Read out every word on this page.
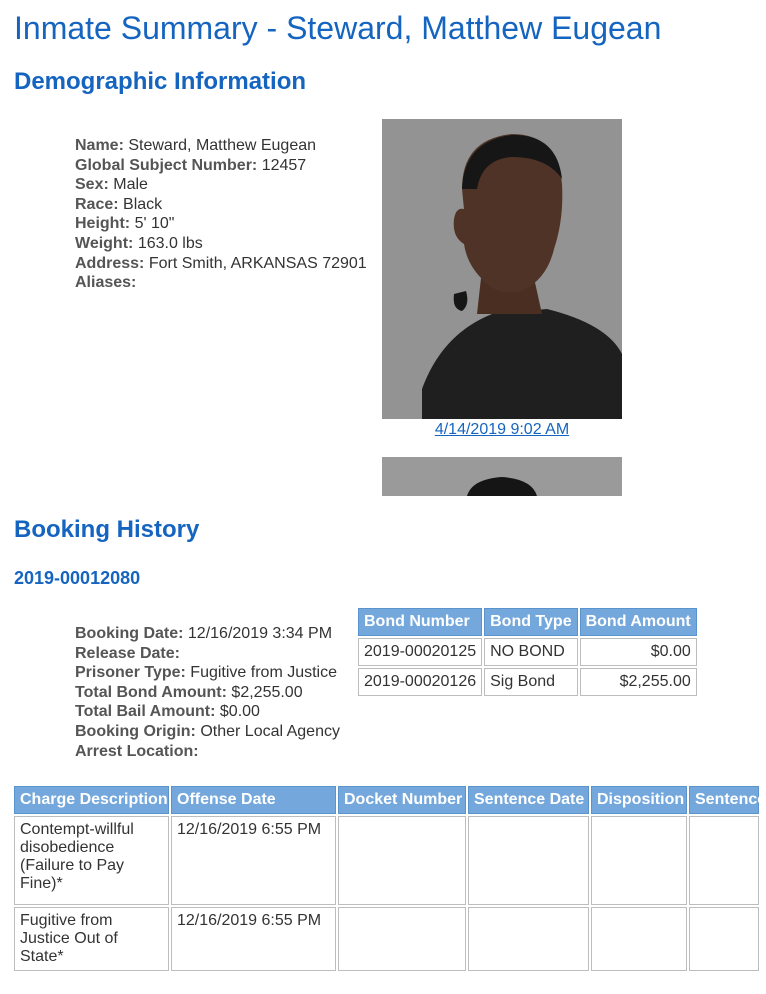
Inmate Summary - Steward, Matthew Eugean
Demographic Information
Name: Steward, Matthew Eugean
Global Subject Number: 12457
Sex: Male
Race: Black
Height: 5' 10"
Weight: 163.0 lbs
Address: Fort Smith, ARKANSAS 72901
Aliases:
4/14/2019 9:02 AM
Booking History
2019-00012080
Booking Date: 12/16/2019 3:34 PM
Release Date:
Prisoner Type: Fugitive from Justice
Total Bond Amount: $2,255.00
Total Bail Amount: $0.00
Booking Origin: Other Local Agency
Arrest Location:
Bond Number	Bond Type	Bond Amount
2019-00020125	NO BOND	$0.00
2019-00020126	Sig Bond	$2,255.00
Charge Description	Offense Date	Docket Number	Sentence Date	Disposition	Sentence
Contempt-willful disobedience (Failure to Pay Fine)*	12/16/2019 6:55 PM				
Fugitive from Justice Out of State*	12/16/2019 6:55 PM				
